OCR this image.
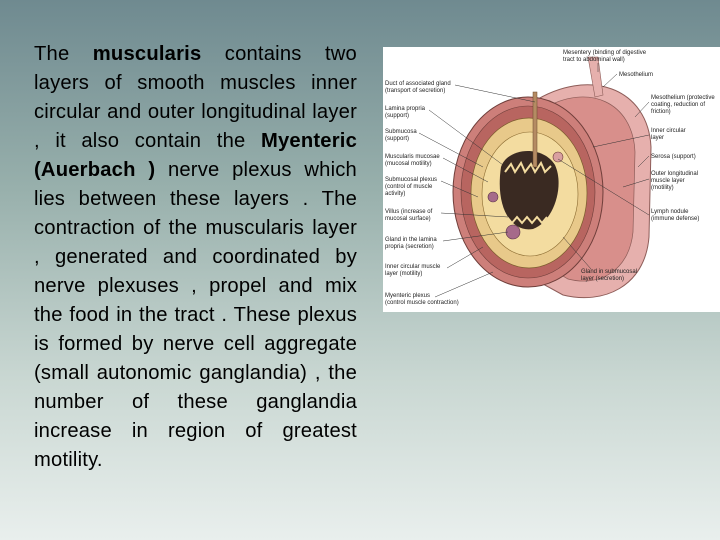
The muscularis contains two layers of smooth muscles inner circular and outer longitudinal layer , it also contain the Myenteric (Auerbach ) nerve plexus which lies between these layers . The contraction of the muscularis layer , generated and coordinated by nerve plexuses , propel and mix the food in the tract . These plexus is formed by nerve cell aggregate (small autonomic ganglandia) , the number of these ganglandia increase in region of greatest motility.
Duct of associated gland
(transport of secretion)
Lamina propria
(support)
Submucosa
(support)
Muscularis mucosae
(mucosal motility)
Submucosal plexus
(control of muscle
activity)
Villus (increase of
mucosal surface)
Gland in the lamina
propria (secretion)
Inner circular muscle
layer (motility)
Myenteric plexus
(control muscle contraction)
Mesentery (binding of digestive
tract to abdominal wall)
Mesothelium
Mesothelium (protective
coating, reduction of
friction)
Inner circular
layer
Serosa (support)
Outer longitudinal
muscle layer
(motility)
Lymph nodule
(immune defense)
Gland in submucosal
layer (secretion)
